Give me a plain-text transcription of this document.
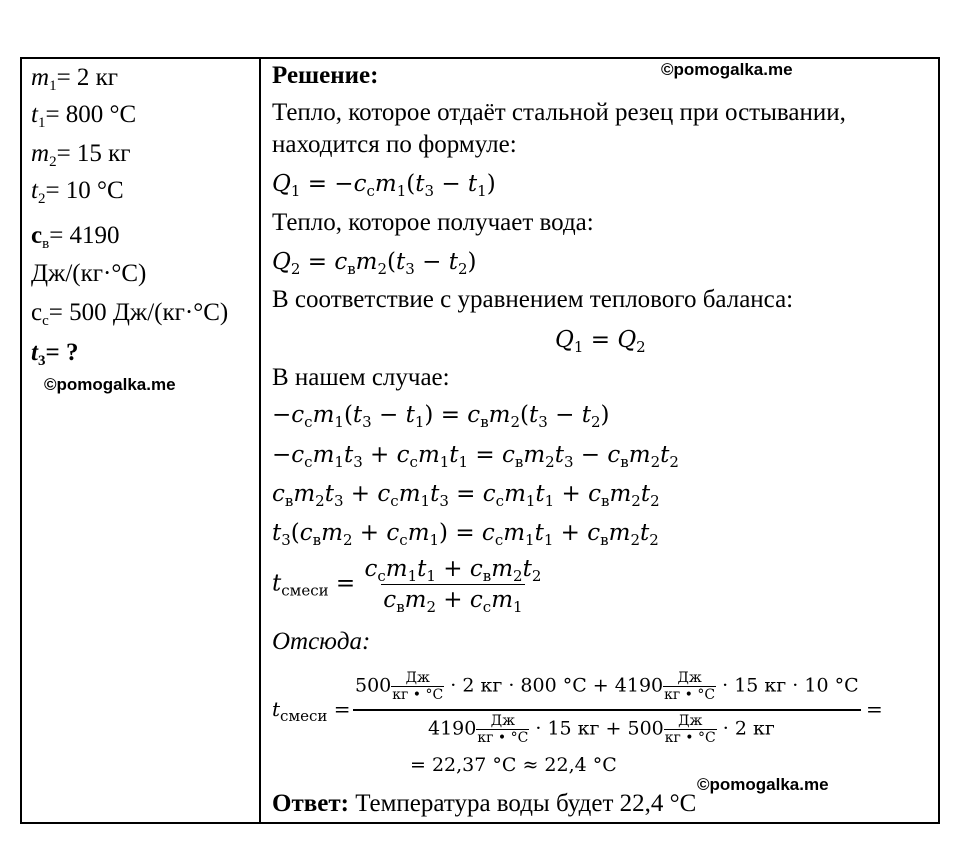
$m_1= 2$ кг
$t_1= 800$ °С
$m_2= 15$ кг
$t_2= 10$ °С
$с_в= 4190$
Дж/(кг·°С)
$с_с= 500$ Дж/(кг·°С)
$t_3=$ ?
©pomogalka.me
Решение:	©pomogalka.me
Тепло, которое отдаёт стальной резец при остывании,
находится по формуле:
$Q_1 = -c_сm_1(t_3 - t_1)$
Тепло, которое получает вода:
$Q_2 = c_вm_2(t_3 - t_2)$
В соответствие с уравнением теплового баланса:
$Q_1 = Q_2$
В нашем случае:
$-c_сm_1(t_3 - t_1) = c_вm_2(t_3 - t_2)$
$-c_сm_1t_3 + c_сm_1t_1 = c_вm_2t_3 - c_вm_2t_2$
$c_вm_2t_3 + c_сm_1t_3 = c_сm_1t_1 + c_вm_2t_2$
$t_3(c_вm_2 + c_сm_1) = c_сm_1t_1 + c_вm_2t_2$
$t_{смеси} = \frac{c_сm_1t_1 + c_вm_2t_2}{c_вm_2 + c_сm_1}$
Отсюда:
$t_{смеси}$ =
500 Дж
кг • °С · 2 кг · 800 °С + 4190 Дж
кг • °С · 15 кг · 10 °С
=
4190 Дж
кг • °С · 15 кг + 500 Дж
кг • °С · 2 кг
= 22,37 °С ≈ 22,4 °С
©pomogalka.me
Ответ: Температура воды будет 22,4 °С
